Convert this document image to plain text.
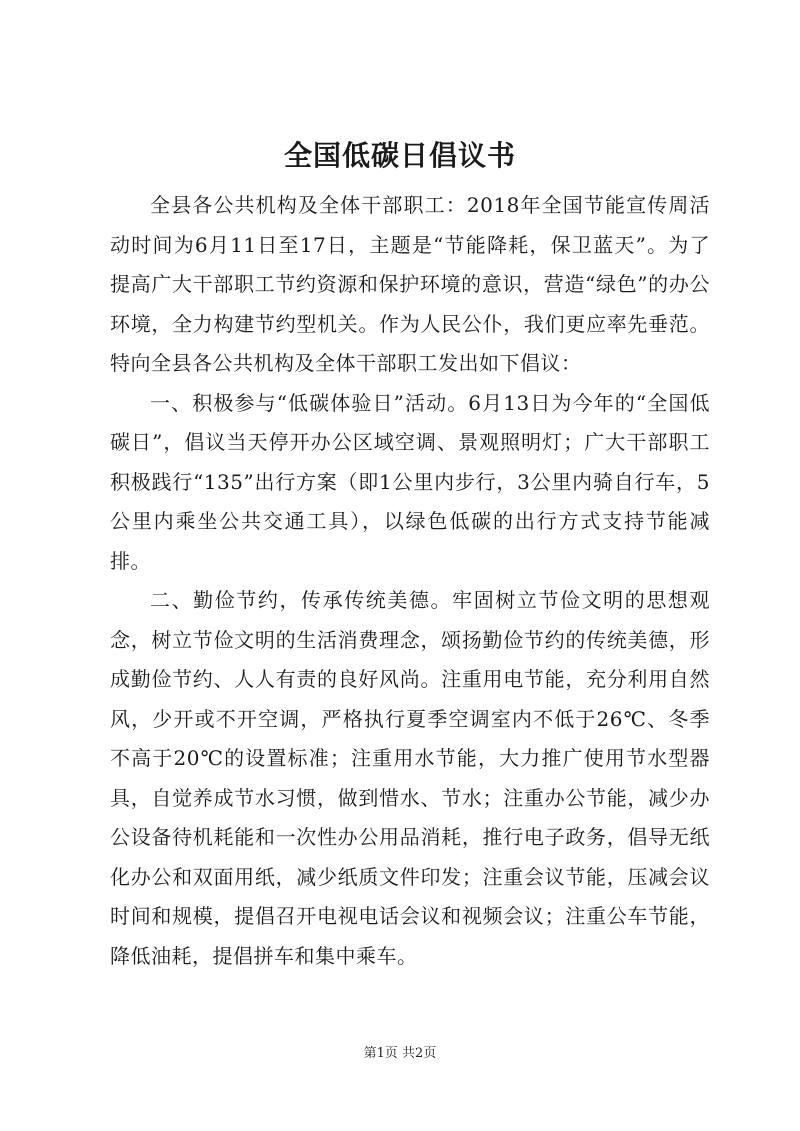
全国低碳日倡议书

全县各公共机构及全体干部职工：2018年全国节能宣传周活动时间为6月11日至17日，主题是“节能降耗，保卫蓝天”。为了提高广大干部职工节约资源和保护环境的意识，营造“绿色”的办公环境，全力构建节约型机关。作为人民公仆，我们更应率先垂范。特向全县各公共机构及全体干部职工发出如下倡议：

一、积极参与“低碳体验日”活动。6月13日为今年的“全国低碳日”，倡议当天停开办公区域空调、景观照明灯；广大干部职工积极践行“135”出行方案（即1公里内步行，3公里内骑自行车，5公里内乘坐公共交通工具），以绿色低碳的出行方式支持节能减排。

二、勤俭节约，传承传统美德。牢固树立节俭文明的思想观念，树立节俭文明的生活消费理念，颂扬勤俭节约的传统美德，形成勤俭节约、人人有责的良好风尚。注重用电节能，充分利用自然风，少开或不开空调，严格执行夏季空调室内不低于26℃、冬季不高于20℃的设置标准；注重用水节能，大力推广使用节水型器具，自觉养成节水习惯，做到惜水、节水；注重办公节能，减少办公设备待机耗能和一次性办公用品消耗，推行电子政务，倡导无纸化办公和双面用纸，减少纸质文件印发；注重会议节能，压减会议时间和规模，提倡召开电视电话会议和视频会议；注重公车节能，降低油耗，提倡拼车和集中乘车。

第1页 共2页
